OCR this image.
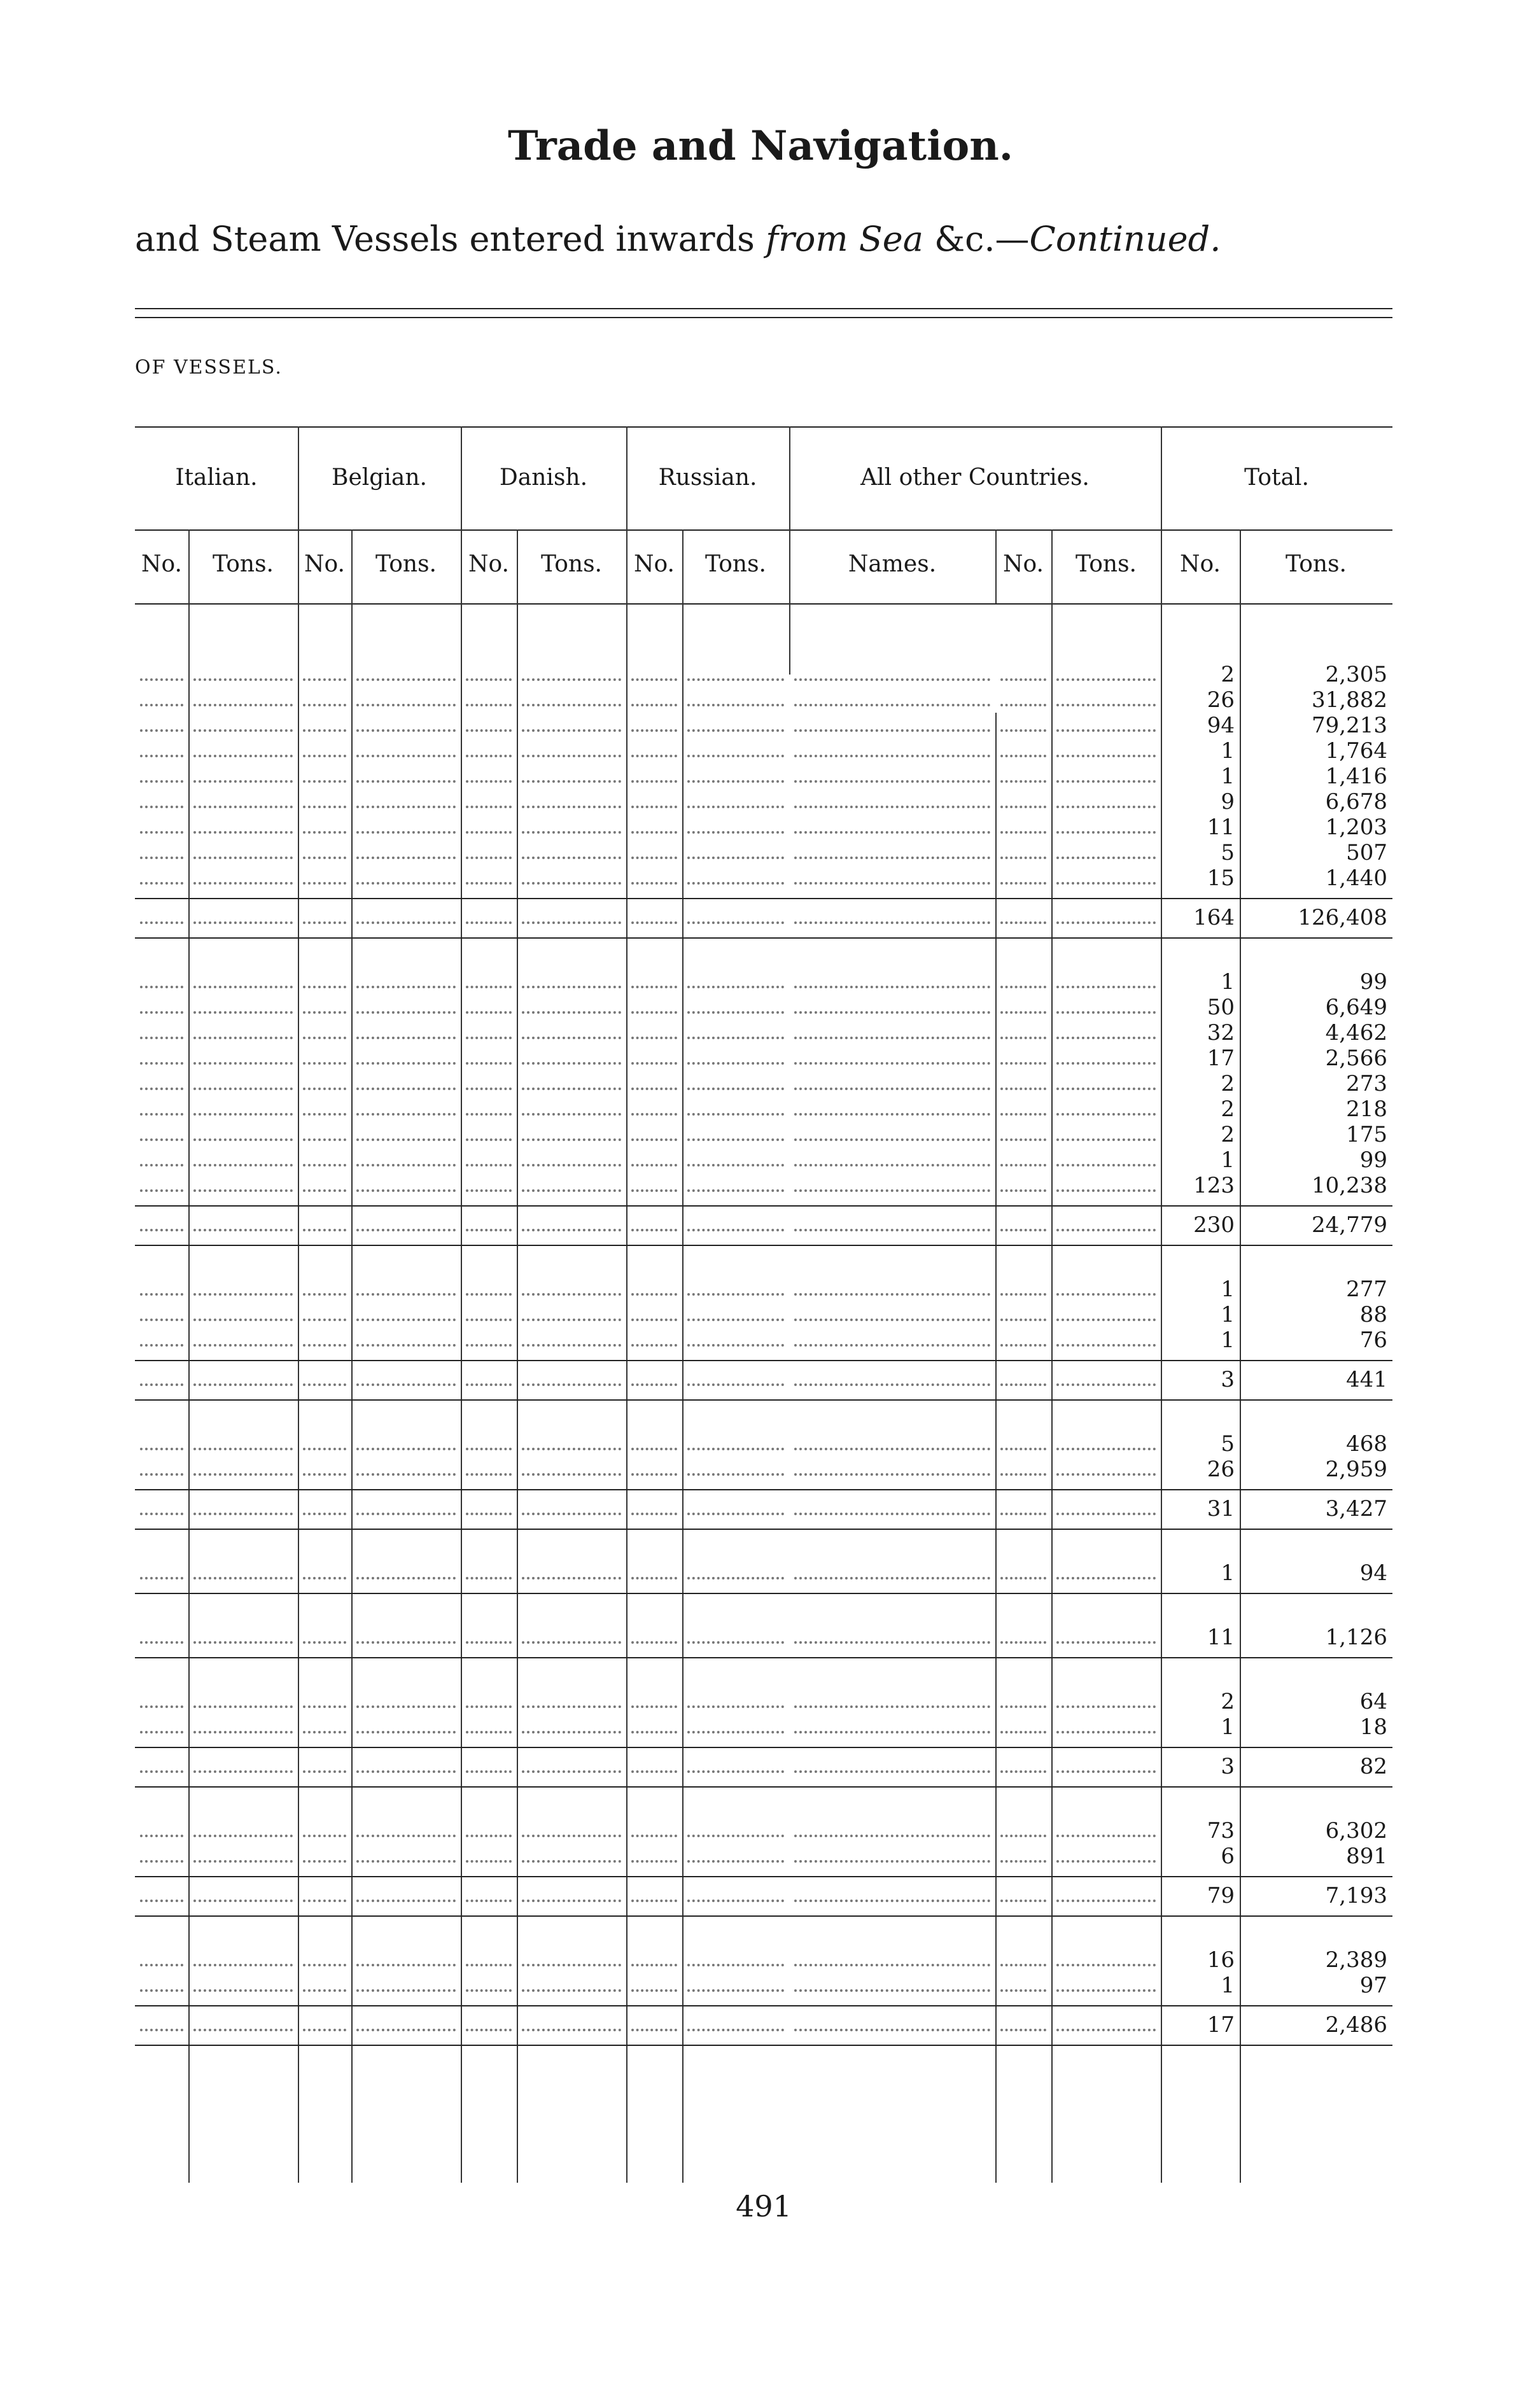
Trade and Navigation.
and Steam Vessels entered inwards from Sea &c.—Continued.
OF VESSELS.
Italian.	Belgian.	Danish.	Russian.	All other Countries.	Total.
No.	Tons.	No.	Tons.	No.	Tons.	No.	Tons.	Names.	No.	Tons.	No.	Tons.
2	2,305
26	31,882
94	79,213
1	1,764
1	1,416
9	6,678
11	1,203
5	507
15	1,440
164	126,408
1	99
50	6,649
32	4,462
17	2,566
2	273
2	218
2	175
1	99
123	10,238
230	24,779
1	277
1	88
1	76
3	441
5	468
26	2,959
31	3,427
1	94
11	1,126
2	64
1	18
3	82
73	6,302
6	891
79	7,193
16	2,389
1	97
17	2,486
491
